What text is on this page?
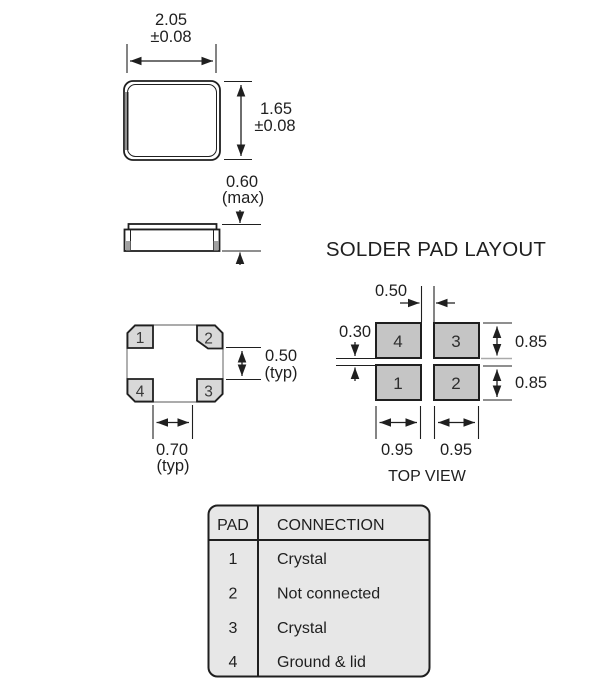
2.05
±0.08
1.65
±0.08
0.60
(max)
1	2
4	3
0.50
(typ)
0.70
(typ)
SOLDER PAD LAYOUT
4	3
1	2
0.50
0.30
0.85
0.85
0.95 0.95
TOP VIEW
PAD CONNECTION
1 Crystal
2 Not connected
3 Crystal
4 Ground & lid
